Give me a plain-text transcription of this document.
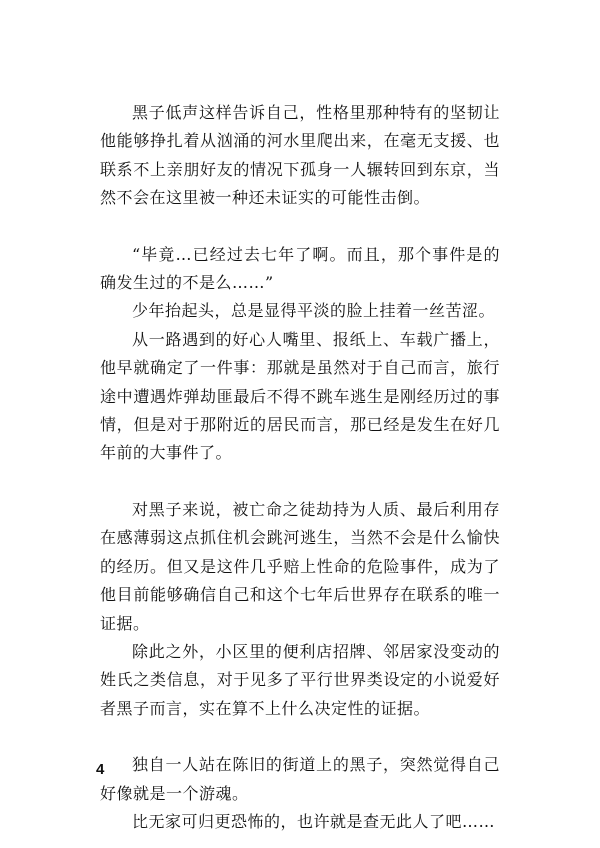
黑子低声这样告诉自己，性格里那种特有的坚韧让他能够挣扎着从汹涌的河水里爬出来，在毫无支援、也联系不上亲朋好友的情况下孤身一人辗转回到东京，当然不会在这里被一种还未证实的可能性击倒。

“毕竟…已经过去七年了啊。而且，那个事件是的确发生过的不是么……”

少年抬起头，总是显得平淡的脸上挂着一丝苦涩。

从一路遇到的好心人嘴里、报纸上、车载广播上，他早就确定了一件事：那就是虽然对于自己而言，旅行途中遭遇炸弹劫匪最后不得不跳车逃生是刚经历过的事情，但是对于那附近的居民而言，那已经是发生在好几年前的大事件了。

对黑子来说，被亡命之徒劫持为人质、最后利用存在感薄弱这点抓住机会跳河逃生，当然不会是什么愉快的经历。但又是这件几乎赔上性命的危险事件，成为了他目前能够确信自己和这个七年后世界存在联系的唯一证据。

除此之外，小区里的便利店招牌、邻居家没变动的姓氏之类信息，对于见多了平行世界类设定的小说爱好者黑子而言，实在算不上什么决定性的证据。

独自一人站在陈旧的街道上的黑子，突然觉得自己好像就是一个游魂。

比无家可归更恐怖的，也许就是查无此人了吧……

4
